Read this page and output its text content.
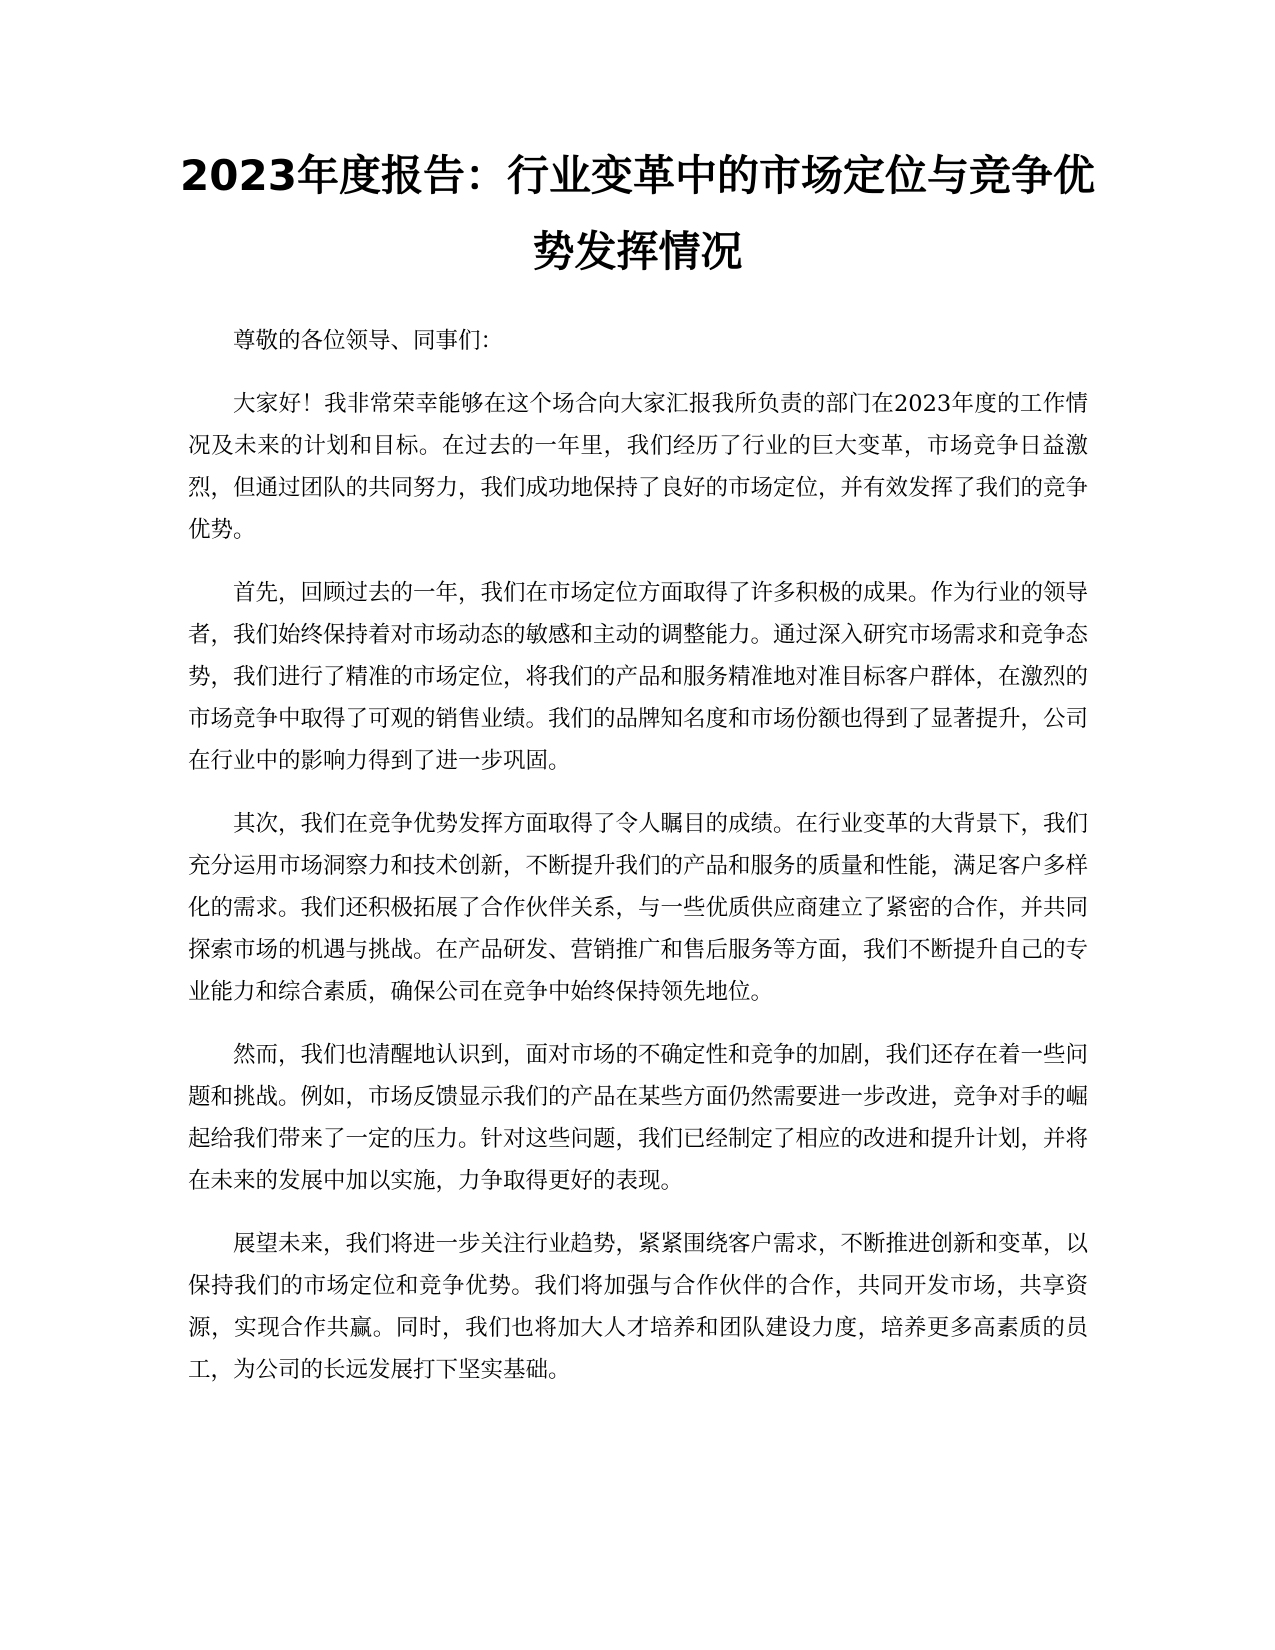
2023年度报告：行业变革中的市场定位与竞争优势发挥情况

尊敬的各位领导、同事们：

大家好！我非常荣幸能够在这个场合向大家汇报我所负责的部门在2023年度的工作情况及未来的计划和目标。在过去的一年里，我们经历了行业的巨大变革，市场竞争日益激烈，但通过团队的共同努力，我们成功地保持了良好的市场定位，并有效发挥了我们的竞争优势。

首先，回顾过去的一年，我们在市场定位方面取得了许多积极的成果。作为行业的领导者，我们始终保持着对市场动态的敏感和主动的调整能力。通过深入研究市场需求和竞争态势，我们进行了精准的市场定位，将我们的产品和服务精准地对准目标客户群体，在激烈的市场竞争中取得了可观的销售业绩。我们的品牌知名度和市场份额也得到了显著提升，公司在行业中的影响力得到了进一步巩固。

其次，我们在竞争优势发挥方面取得了令人瞩目的成绩。在行业变革的大背景下，我们充分运用市场洞察力和技术创新，不断提升我们的产品和服务的质量和性能，满足客户多样化的需求。我们还积极拓展了合作伙伴关系，与一些优质供应商建立了紧密的合作，并共同探索市场的机遇与挑战。在产品研发、营销推广和售后服务等方面，我们不断提升自己的专业能力和综合素质，确保公司在竞争中始终保持领先地位。

然而，我们也清醒地认识到，面对市场的不确定性和竞争的加剧，我们还存在着一些问题和挑战。例如，市场反馈显示我们的产品在某些方面仍然需要进一步改进，竞争对手的崛起给我们带来了一定的压力。针对这些问题，我们已经制定了相应的改进和提升计划，并将在未来的发展中加以实施，力争取得更好的表现。

展望未来，我们将进一步关注行业趋势，紧紧围绕客户需求，不断推进创新和变革，以保持我们的市场定位和竞争优势。我们将加强与合作伙伴的合作，共同开发市场，共享资源，实现合作共赢。同时，我们也将加大人才培养和团队建设力度，培养更多高素质的员工，为公司的长远发展打下坚实基础。
